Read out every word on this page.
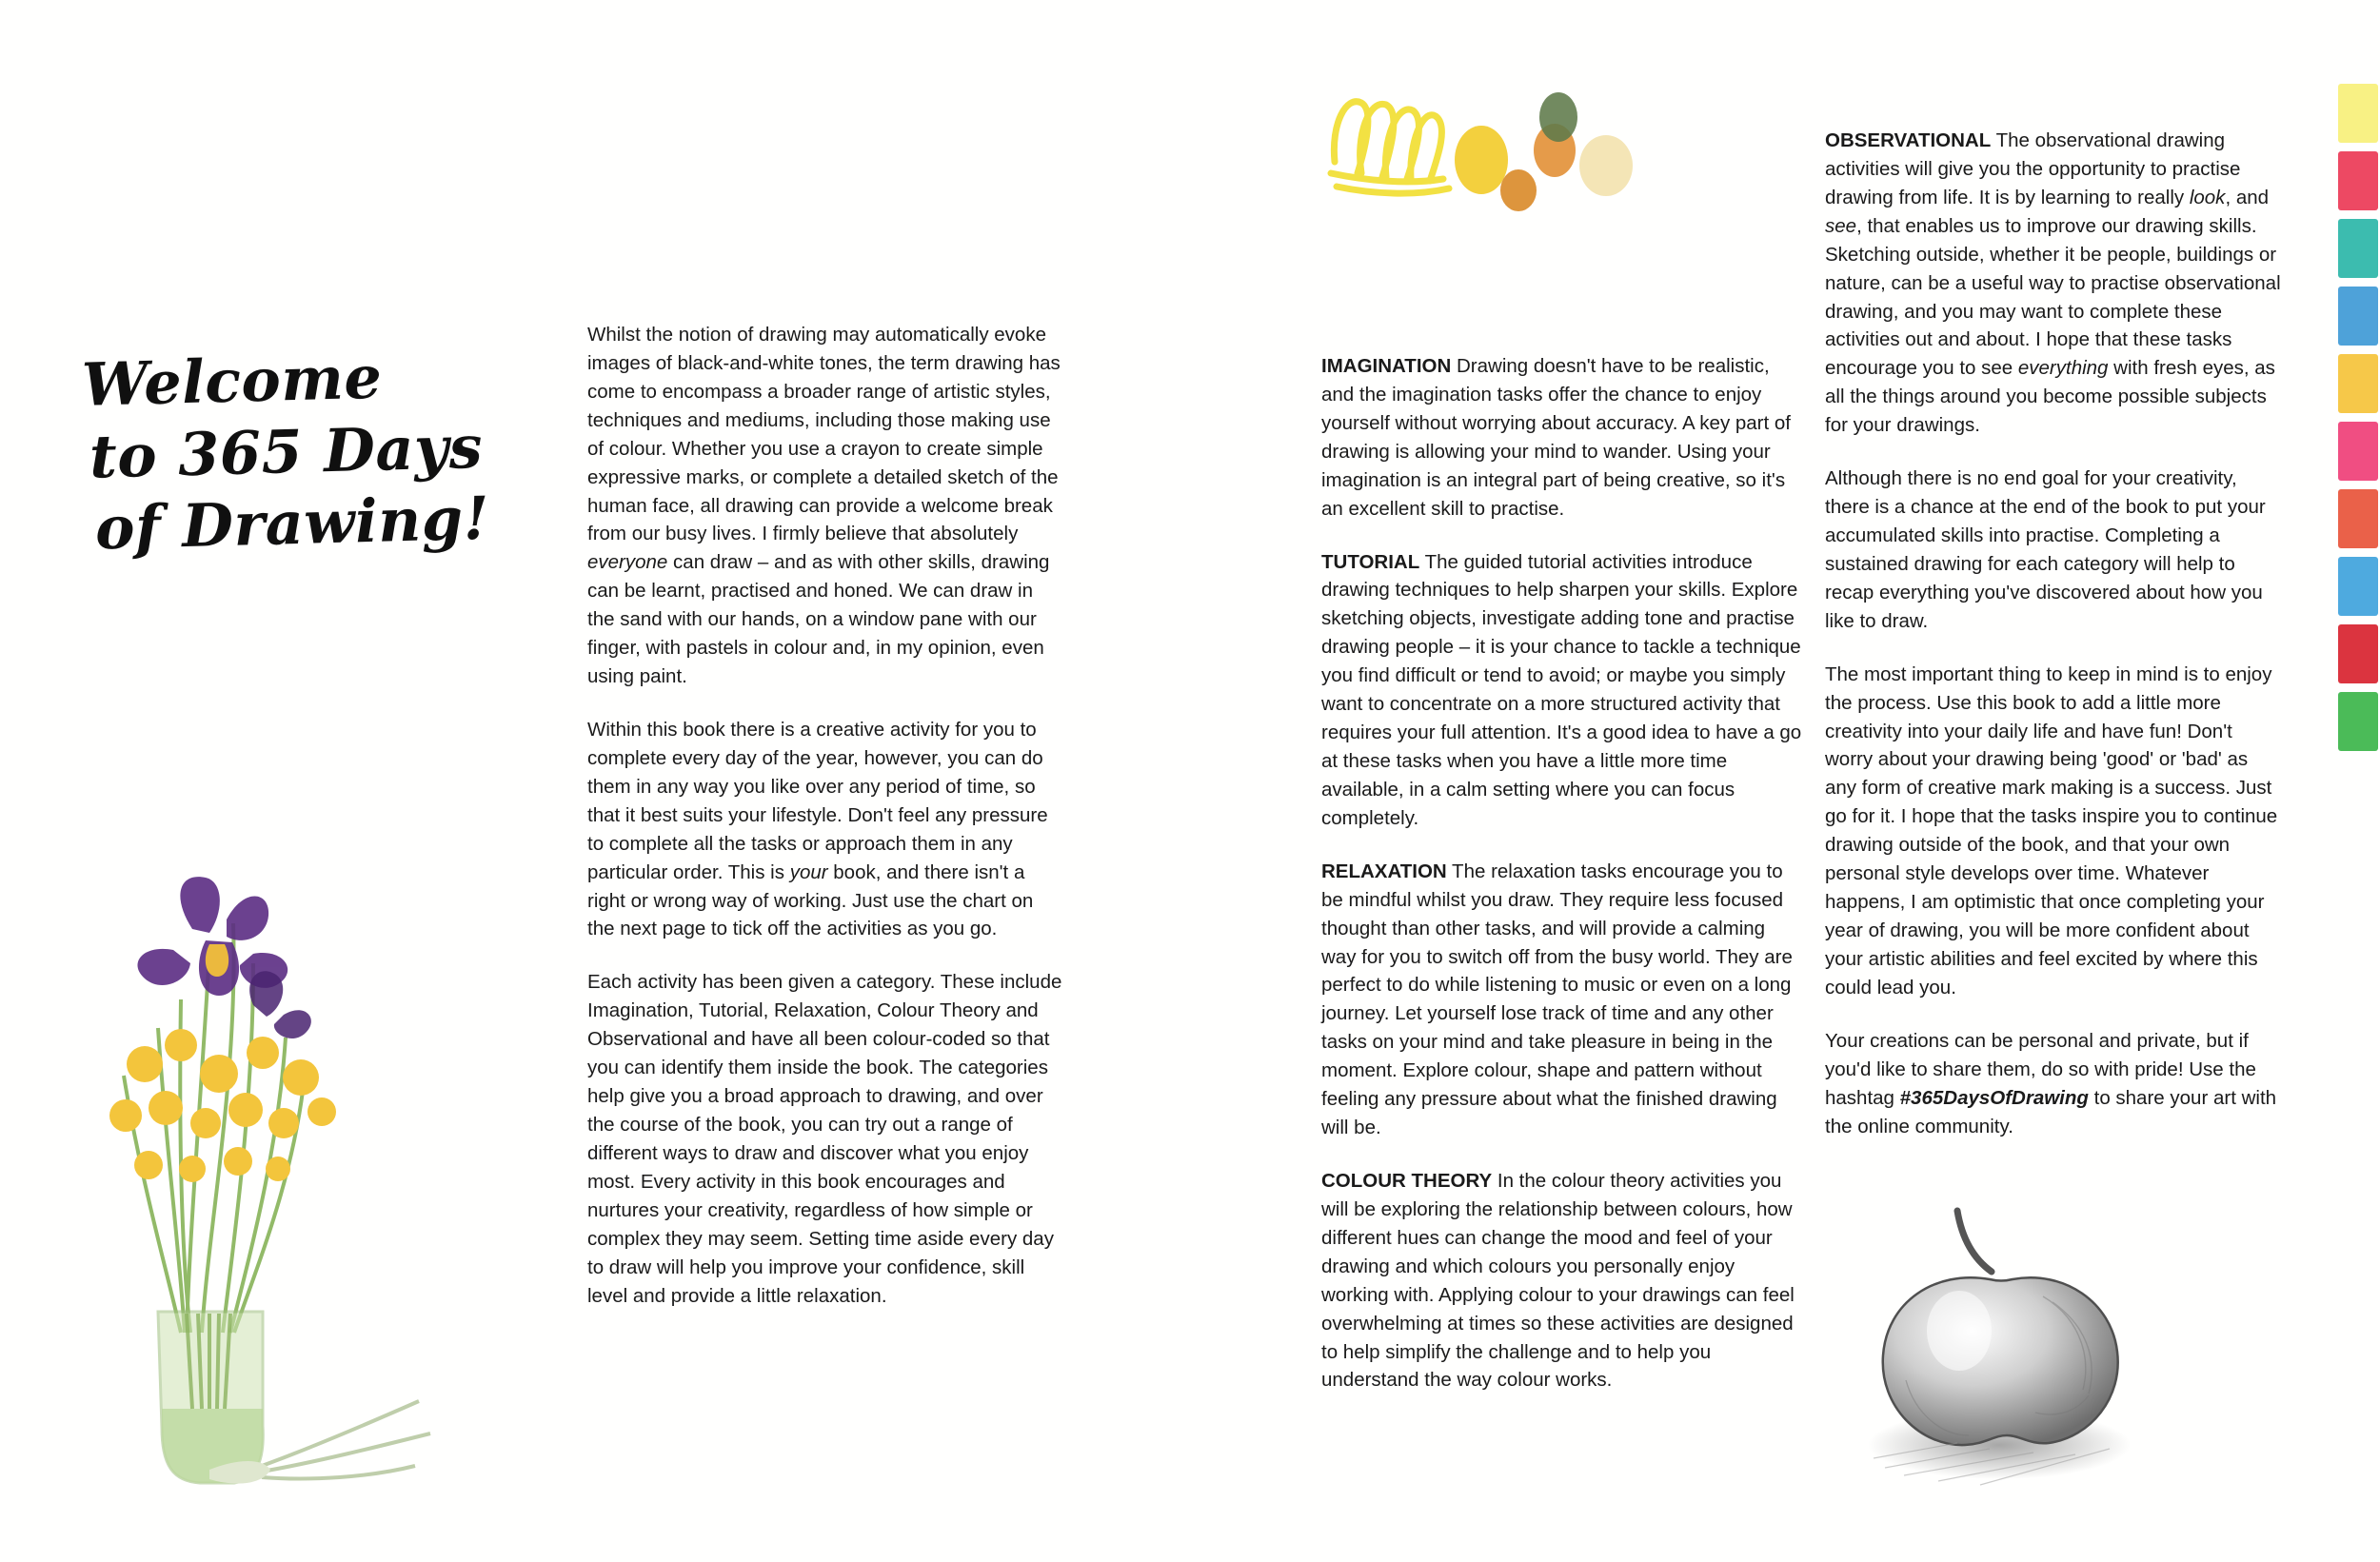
Welcome
to 365 Days
of Drawing!

Whilst the notion of drawing may automatically evoke images of black-and-white tones, the term drawing has come to encompass a broader range of artistic styles, techniques and mediums, including those making use of colour. Whether you use a crayon to create simple expressive marks, or complete a detailed sketch of the human face, all drawing can provide a welcome break from our busy lives. I firmly believe that absolutely everyone can draw – and as with other skills, drawing can be learnt, practised and honed. We can draw in the sand with our hands, on a window pane with our finger, with pastels in colour and, in my opinion, even using paint.

Within this book there is a creative activity for you to complete every day of the year, however, you can do them in any way you like over any period of time, so that it best suits your lifestyle. Don't feel any pressure to complete all the tasks or approach them in any particular order. This is your book, and there isn't a right or wrong way of working. Just use the chart on the next page to tick off the activities as you go.

Each activity has been given a category. These include Imagination, Tutorial, Relaxation, Colour Theory and Observational and have all been colour-coded so that you can identify them inside the book. The categories help give you a broad approach to drawing, and over the course of the book, you can try out a range of different ways to draw and discover what you enjoy most. Every activity in this book encourages and nurtures your creativity, regardless of how simple or complex they may seem. Setting time aside every day to draw will help you improve your confidence, skill level and provide a little relaxation.

IMAGINATION Drawing doesn't have to be realistic, and the imagination tasks offer the chance to enjoy yourself without worrying about accuracy. A key part of drawing is allowing your mind to wander. Using your imagination is an integral part of being creative, so it's an excellent skill to practise.

TUTORIAL The guided tutorial activities introduce drawing techniques to help sharpen your skills. Explore sketching objects, investigate adding tone and practise drawing people – it is your chance to tackle a technique you find difficult or tend to avoid; or maybe you simply want to concentrate on a more structured activity that requires your full attention. It's a good idea to have a go at these tasks when you have a little more time available, in a calm setting where you can focus completely.

RELAXATION The relaxation tasks encourage you to be mindful whilst you draw. They require less focused thought than other tasks, and will provide a calming way for you to switch off from the busy world. They are perfect to do while listening to music or even on a long journey. Let yourself lose track of time and any other tasks on your mind and take pleasure in being in the moment. Explore colour, shape and pattern without feeling any pressure about what the finished drawing will be.

COLOUR THEORY In the colour theory activities you will be exploring the relationship between colours, how different hues can change the mood and feel of your drawing and which colours you personally enjoy working with. Applying colour to your drawings can feel overwhelming at times so these activities are designed to help simplify the challenge and to help you understand the way colour works.

OBSERVATIONAL The observational drawing activities will give you the opportunity to practise drawing from life. It is by learning to really look, and see, that enables us to improve our drawing skills. Sketching outside, whether it be people, buildings or nature, can be a useful way to practise observational drawing, and you may want to complete these activities out and about. I hope that these tasks encourage you to see everything with fresh eyes, as all the things around you become possible subjects for your drawings.

Although there is no end goal for your creativity, there is a chance at the end of the book to put your accumulated skills into practise. Completing a sustained drawing for each category will help to recap everything you've discovered about how you like to draw.

The most important thing to keep in mind is to enjoy the process. Use this book to add a little more creativity into your daily life and have fun! Don't worry about your drawing being 'good' or 'bad' as any form of creative mark making is a success. Just go for it. I hope that the tasks inspire you to continue drawing outside of the book, and that your own personal style develops over time. Whatever happens, I am optimistic that once completing your year of drawing, you will be more confident about your artistic abilities and feel excited by where this could lead you.

Your creations can be personal and private, but if you'd like to share them, do so with pride! Use the hashtag #365DaysOfDrawing to share your art with the online community.
